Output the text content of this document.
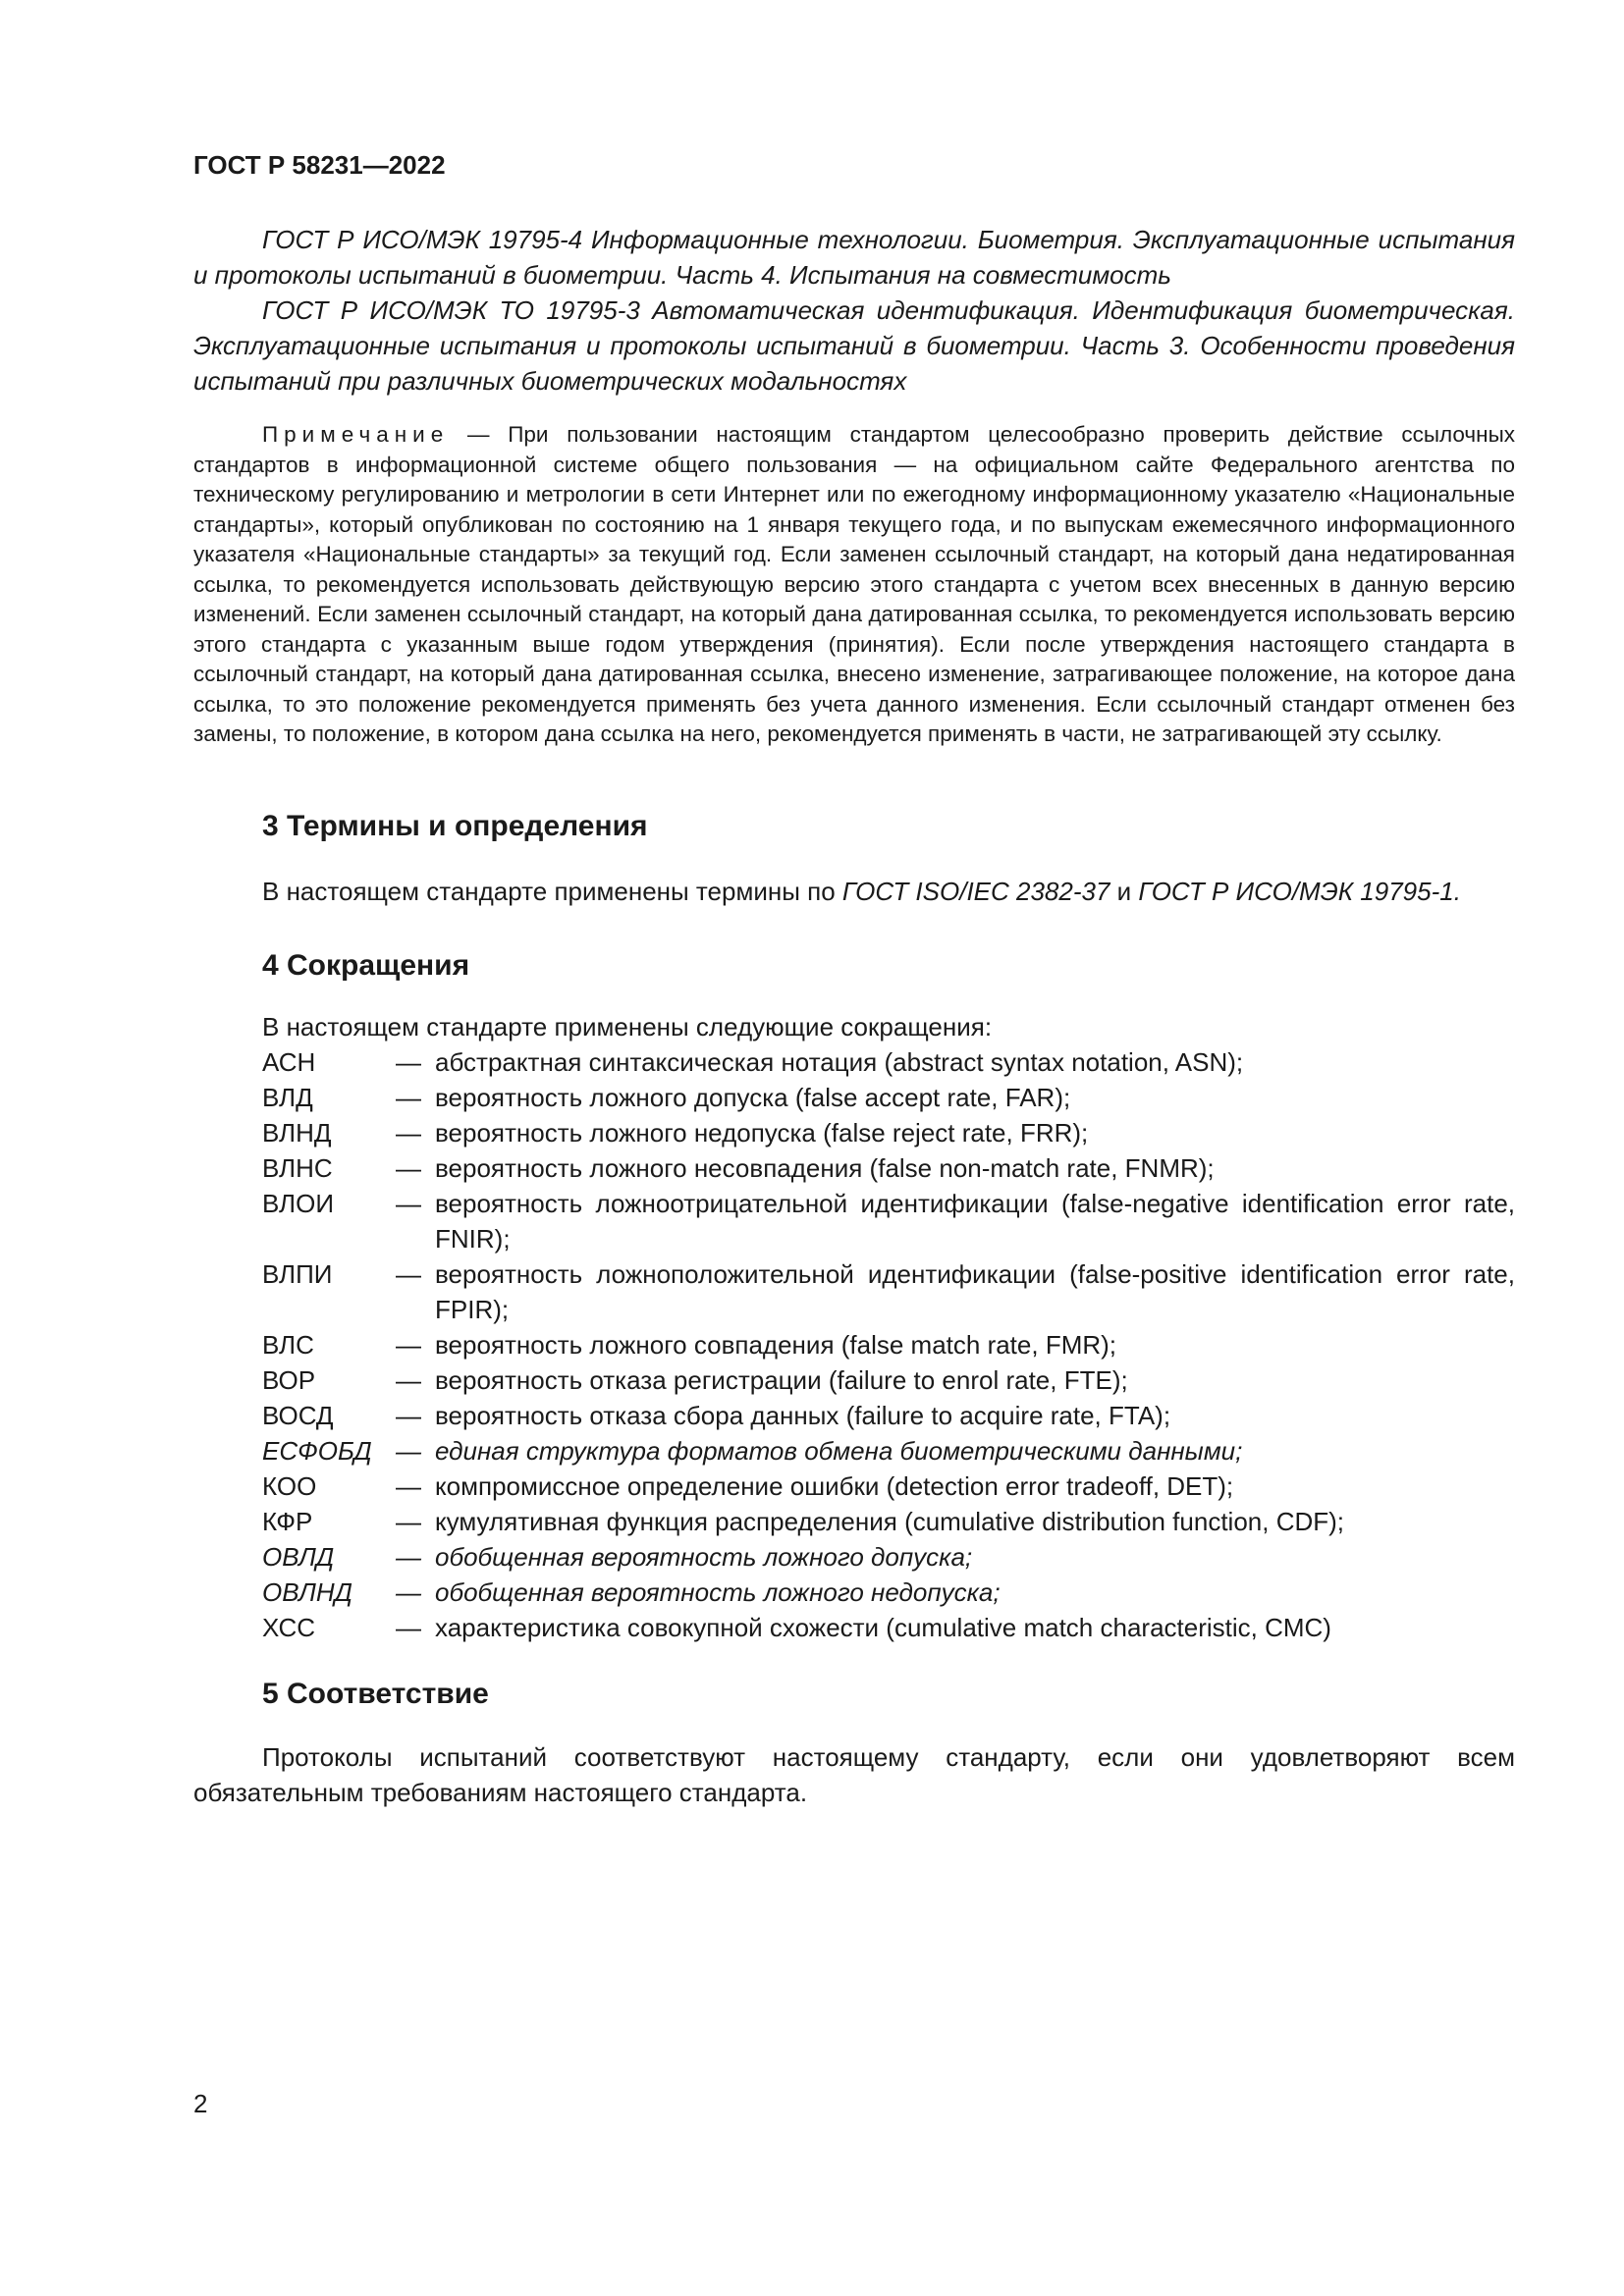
ГОСТ Р 58231—2022

ГОСТ Р ИСО/МЭК 19795-4 Информационные технологии. Биометрия. Эксплуатационные испытания и протоколы испытаний в биометрии. Часть 4. Испытания на совместимость

ГОСТ Р ИСО/МЭК ТО 19795-3 Автоматическая идентификация. Идентификация биометрическая. Эксплуатационные испытания и протоколы испытаний в биометрии. Часть 3. Особенности проведения испытаний при различных биометрических модальностях

Примечание — При пользовании настоящим стандартом целесообразно проверить действие ссылочных стандартов в информационной системе общего пользования — на официальном сайте Федерального агентства по техническому регулированию и метрологии в сети Интернет или по ежегодному информационному указателю «Национальные стандарты», который опубликован по состоянию на 1 января текущего года, и по выпускам ежемесячного информационного указателя «Национальные стандарты» за текущий год. Если заменен ссылочный стандарт, на который дана недатированная ссылка, то рекомендуется использовать действующую версию этого стандарта с учетом всех внесенных в данную версию изменений. Если заменен ссылочный стандарт, на который дана датированная ссылка, то рекомендуется использовать версию этого стандарта с указанным выше годом утверждения (принятия). Если после утверждения настоящего стандарта в ссылочный стандарт, на который дана датированная ссылка, внесено изменение, затрагивающее положение, на которое дана ссылка, то это положение рекомендуется применять без учета данного изменения. Если ссылочный стандарт отменен без замены, то положение, в котором дана ссылка на него, рекомендуется применять в части, не затрагивающей эту ссылку.

3 Термины и определения
В настоящем стандарте применены термины по ГОСТ ISO/IEC 2382-37 и ГОСТ Р ИСО/МЭК 19795-1.
4 Сокращения
В настоящем стандарте применены следующие сокращения:
АСН	— абстрактная синтаксическая нотация (abstract syntax notation, ASN);
ВЛД	— вероятность ложного допуска (false accept rate, FAR);
ВЛНД	— вероятность ложного недопуска (false reject rate, FRR);
ВЛНС	— вероятность ложного несовпадения (false non-match rate, FNMR);
ВЛОИ	— вероятность ложноотрицательной идентификации (false-negative identification error rate, FNIR);
ВЛПИ	— вероятность ложноположительной идентификации (false-positive identification error rate, FPIR);
ВЛС	— вероятность ложного совпадения (false match rate, FMR);
ВОР	— вероятность отказа регистрации (failure to enrol rate, FTE);
ВОСД	— вероятность отказа сбора данных (failure to acquire rate, FTA);
ЕСФОБД — единая структура форматов обмена биометрическими данными;
КОО	— компромиссное определение ошибки (detection error tradeoff, DET);
КФР	— кумулятивная функция распределения (cumulative distribution function, CDF);
ОВЛД	— обобщенная вероятность ложного допуска;
ОВЛНД	— обобщенная вероятность ложного недопуска;
ХСС	— характеристика совокупной схожести (cumulative match characteristic, CMC)
5 Соответствие

Протоколы испытаний соответствуют настоящему стандарту, если они удовлетворяют всем обязательным требованиям настоящего стандарта.

2
